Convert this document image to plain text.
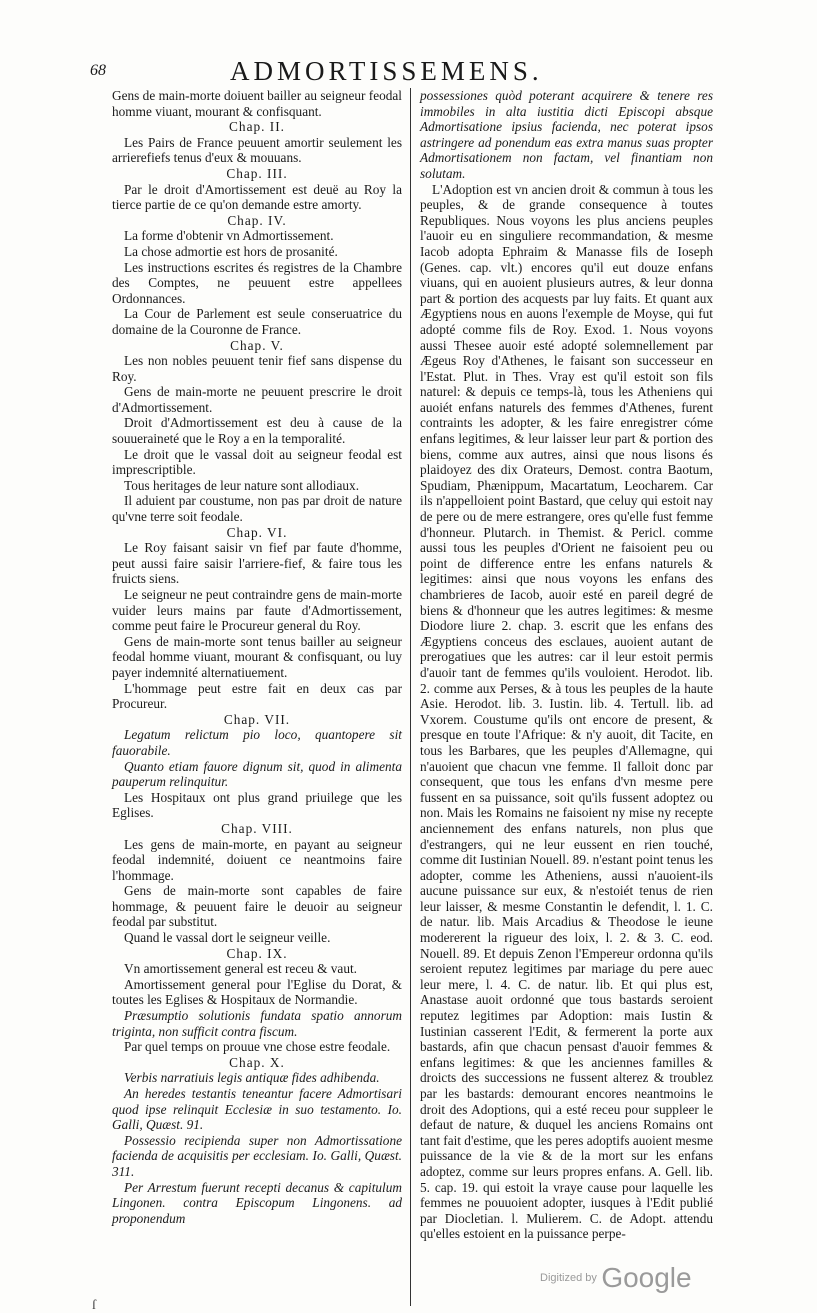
68	ADMORTISSEMENS.

Gens de main-morte doiuent bailler au seigneur feodal homme viuant, mourant & confisquant.

Chap. II.

Les Pairs de France peuuent amortir seulement les arrierefiefs tenus d'eux & mouuans.

Chap. III.

Par le droit d'Amortissement est deuë au Roy la tierce partie de ce qu'on demande estre amorty.

Chap. IV.

La forme d'obtenir vn Admortissement.

La chose admortie est hors de prosanité.

Les instructions escrites és registres de la Chambre des Comptes, ne peuuent estre appellees Ordonnances.

La Cour de Parlement est seule conseruatrice du domaine de la Couronne de France.

Chap. V.

Les non nobles peuuent tenir fief sans dispense du Roy.

Gens de main-morte ne peuuent prescrire le droit d'Admortissement.

Droit d'Admortissement est deu à cause de la souueraineté que le Roy a en la temporalité.

Le droit que le vassal doit au seigneur feodal est imprescriptible.

Tous heritages de leur nature sont allodiaux.

Il aduient par coustume, non pas par droit de nature qu'vne terre soit feodale.

Chap. VI.

Le Roy faisant saisir vn fief par faute d'homme, peut aussi faire saisir l'arriere-fief, & faire tous les fruicts siens.

Le seigneur ne peut contraindre gens de main-morte vuider leurs mains par faute d'Admortissement, comme peut faire le Procureur general du Roy.

Gens de main-morte sont tenus bailler au seigneur feodal homme viuant, mourant & confisquant, ou luy payer indemnité alternatiuement.

L'hommage peut estre fait en deux cas par Procureur.

Chap. VII.

Legatum relictum pio loco, quantopere sit fauorabile.

Quanto etiam fauore dignum sit, quod in alimenta pauperum relinquitur.

Les Hospitaux ont plus grand priuilege que les Eglises.

Chap. VIII.

Les gens de main-morte, en payant au seigneur feodal indemnité, doiuent ce neantmoins faire l'hommage.

Gens de main-morte sont capables de faire hommage, & peuuent faire le deuoir au seigneur feodal par substitut.

Quand le vassal dort le seigneur veille.

Chap. IX.

Vn amortissement general est receu & vaut.

Amortissement general pour l'Eglise du Dorat, & toutes les Eglises & Hospitaux de Normandie.

Præsumptio solutionis fundata spatio annorum triginta, non sufficit contra fiscum.

Par quel temps on prouue vne chose estre feodale.

Chap. X.

Verbis narratiuis legis antiquæ fides adhibenda.

An heredes testantis teneantur facere Admortisari quod ipse relinquit Ecclesiæ in suo testamento. Io. Galli, Quæst. 91.

Possessio recipienda super non Admortissatione facienda de acquisitis per ecclesiam. Io. Galli, Quæst. 311.

Per Arrestum fuerunt recepti decanus & capitulum Lingonen. contra Episcopum Lingonens. ad proponendum

possessiones quòd poterant acquirere & tenere res immobiles in alta iustitia dicti Episcopi absque Admortisatione ipsius facienda, nec poterat ipsos astringere ad ponendum eas extra manus suas propter Admortisationem non factam, vel finantiam non solutam.

L'Adoption est vn ancien droit & commun à tous les peuples, & de grande consequence à toutes Republiques. Nous voyons les plus anciens peuples l'auoir eu en singuliere recommandation, & mesme Iacob adopta Ephraim & Manasse fils de Ioseph (Genes. cap. vlt.) encores qu'il eut douze enfans viuans, qui en auoient plusieurs autres, & leur donna part & portion des acquests par luy faits. Et quant aux Ægyptiens nous en auons l'exemple de Moyse, qui fut adopté comme fils de Roy. Exod. 1. Nous voyons aussi Thesee auoir esté adopté solemnellement par Ægeus Roy d'Athenes, le faisant son successeur en l'Estat. Plut. in Thes. Vray est qu'il estoit son fils naturel: & depuis ce temps-là, tous les Atheniens qui auoiét enfans naturels des femmes d'Athenes, furent contraints les adopter, & les faire enregistrer cóme enfans legitimes, & leur laisser leur part & portion des biens, comme aux autres, ainsi que nous lisons és plaidoyez des dix Orateurs, Demost. contra Baotum, Spudiam, Phænippum, Macartatum, Leocharem. Car ils n'appelloient point Bastard, que celuy qui estoit nay de pere ou de mere estrangere, ores qu'elle fust femme d'honneur. Plutarch. in Themist. & Pericl. comme aussi tous les peuples d'Orient ne faisoient peu ou point de difference entre les enfans naturels & legitimes: ainsi que nous voyons les enfans des chambrieres de Iacob, auoir esté en pareil degré de biens & d'honneur que les autres legitimes: & mesme Diodore liure 2. chap. 3. escrit que les enfans des Ægyptiens conceus des esclaues, auoient autant de prerogatiues que les autres: car il leur estoit permis d'auoir tant de femmes qu'ils vouloient. Herodot. lib. 2. comme aux Perses, & à tous les peuples de la haute Asie. Herodot. lib. 3. Iustin. lib. 4. Tertull. lib. ad Vxorem. Coustume qu'ils ont encore de present, & presque en toute l'Afrique: & n'y auoit, dit Tacite, en tous les Barbares, que les peuples d'Allemagne, qui n'auoient que chacun vne femme. Il falloit donc par consequent, que tous les enfans d'vn mesme pere fussent en sa puissance, soit qu'ils fussent adoptez ou non. Mais les Romains ne faisoient ny mise ny recepte anciennement des enfans naturels, non plus que d'estrangers, qui ne leur eussent en rien touché, comme dit Iustinian Nouell. 89. n'estant point tenus les adopter, comme les Atheniens, aussi n'auoient-ils aucune puissance sur eux, & n'estoiét tenus de rien leur laisser, & mesme Constantin le defendit, l. 1. C. de natur. lib. Mais Arcadius & Theodose le ieune modererent la rigueur des loix, l. 2. & 3. C. eod. Nouell. 89. Et depuis Zenon l'Empereur ordonna qu'ils seroient reputez legitimes par mariage du pere auec leur mere, l. 4. C. de natur. lib. Et qui plus est, Anastase auoit ordonné que tous bastards seroient reputez legitimes par Adoption: mais Iustin & Iustinian casserent l'Edit, & fermerent la porte aux bastards, afin que chacun pensast d'auoir femmes & enfans legitimes: & que les anciennes familles & droicts des successions ne fussent alterez & troublez par les bastards: demourant encores neantmoins le droit des Adoptions, qui a esté receu pour suppleer le defaut de nature, & duquel les anciens Romains ont tant fait d'estime, que les peres adoptifs auoient mesme puissance de la vie & de la mort sur les enfans adoptez, comme sur leurs propres enfans. A. Gell. lib. 5. cap. 19. qui estoit la vraye cause pour laquelle les femmes ne pouuoient adopter, iusques à l'Edit publié par Diocletian. l. Mulierem. C. de Adopt. attendu qu'elles estoient en la puissance perpe-

Digitized by Google
ſ
